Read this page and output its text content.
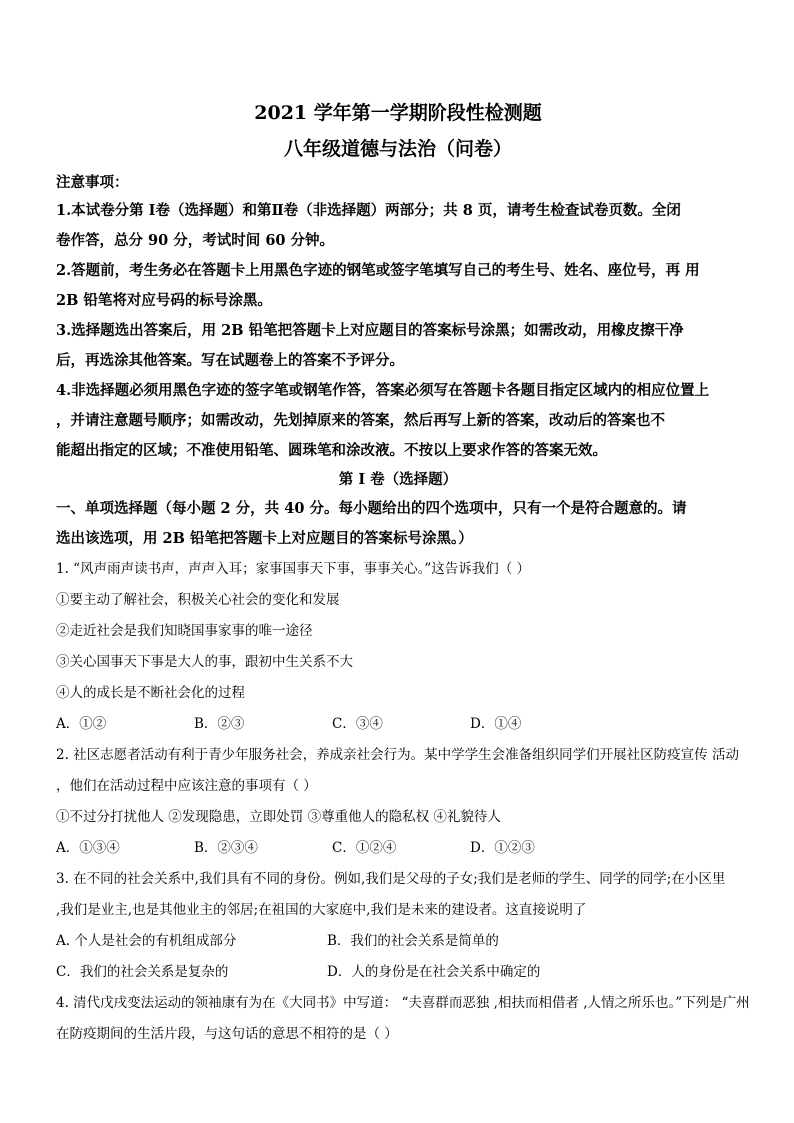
2021 学年第一学期阶段性检测题
八年级道德与法治（问卷）
注意事项：
1.本试卷分第 Ⅰ卷（选择题）和第Ⅱ卷（非选择题）两部分；共 8 页，请考生检查试卷页数。全闭
卷作答，总分 90 分，考试时间 60 分钟。
2.答题前，考生务必在答题卡上用黑色字迹的钢笔或签字笔填写自己的考生号、姓名、座位号，再 用
2B 铅笔将对应号码的标号涂黑。
3.选择题选出答案后，用 2B 铅笔把答题卡上对应题目的答案标号涂黑；如需改动，用橡皮擦干净
后，再选涂其他答案。写在试题卷上的答案不予评分。
4.非选择题必须用黑色字迹的签字笔或钢笔作答，答案必须写在答题卡各题目指定区域内的相应位置上
，并请注意题号顺序；如需改动，先划掉原来的答案，然后再写上新的答案，改动后的答案也不
能超出指定的区域；不准使用铅笔、圆珠笔和涂改液。不按以上要求作答的答案无效。
第 Ⅰ 卷（选择题）
一、单项选择题（每小题 2 分，共 40 分。每小题给出的四个选项中，只有一个是符合题意的。请
选出该选项，用 2B 铅笔把答题卡上对应题目的答案标号涂黑。）
1. “风声雨声读书声，声声入耳；家事国事天下事，事事关心。”这告诉我们（ ）
①要主动了解社会，积极关心社会的变化和发展
②走近社会是我们知晓国事家事的唯一途径
③关心国事天下事是大人的事，跟初中生关系不大
④人的成长是不断社会化的过程
A．①②	B．②③	C．③④	D．①④
2. 社区志愿者活动有利于青少年服务社会，养成亲社会行为。某中学学生会准备组织同学们开展社区防疫宣传 活动
，他们在活动过程中应该注意的事项有（ ）
①不过分打扰他人 ②发现隐患，立即处罚 ③尊重他人的隐私权 ④礼貌待人
A．①③④	B．②③④	C．①②④	D．①②③
3. 在不同的社会关系中,我们具有不同的身份。例如,我们是父母的子女;我们是老师的学生、同学的同学;在小区里
,我们是业主,也是其他业主的邻居;在祖国的大家庭中,我们是未来的建设者。这直接说明了
A. 个人是社会的有机组成部分	B．我们的社会关系是简单的
C．我们的社会关系是复杂的	D．人的身份是在社会关系中确定的
4. 清代戊戌变法运动的领袖康有为在《大同书》中写道： “夫喜群而恶独 ,相扶而相借者 ,人情之所乐也。”下列是广州
在防疫期间的生活片段，与这句话的意思不相符的是（ ）
